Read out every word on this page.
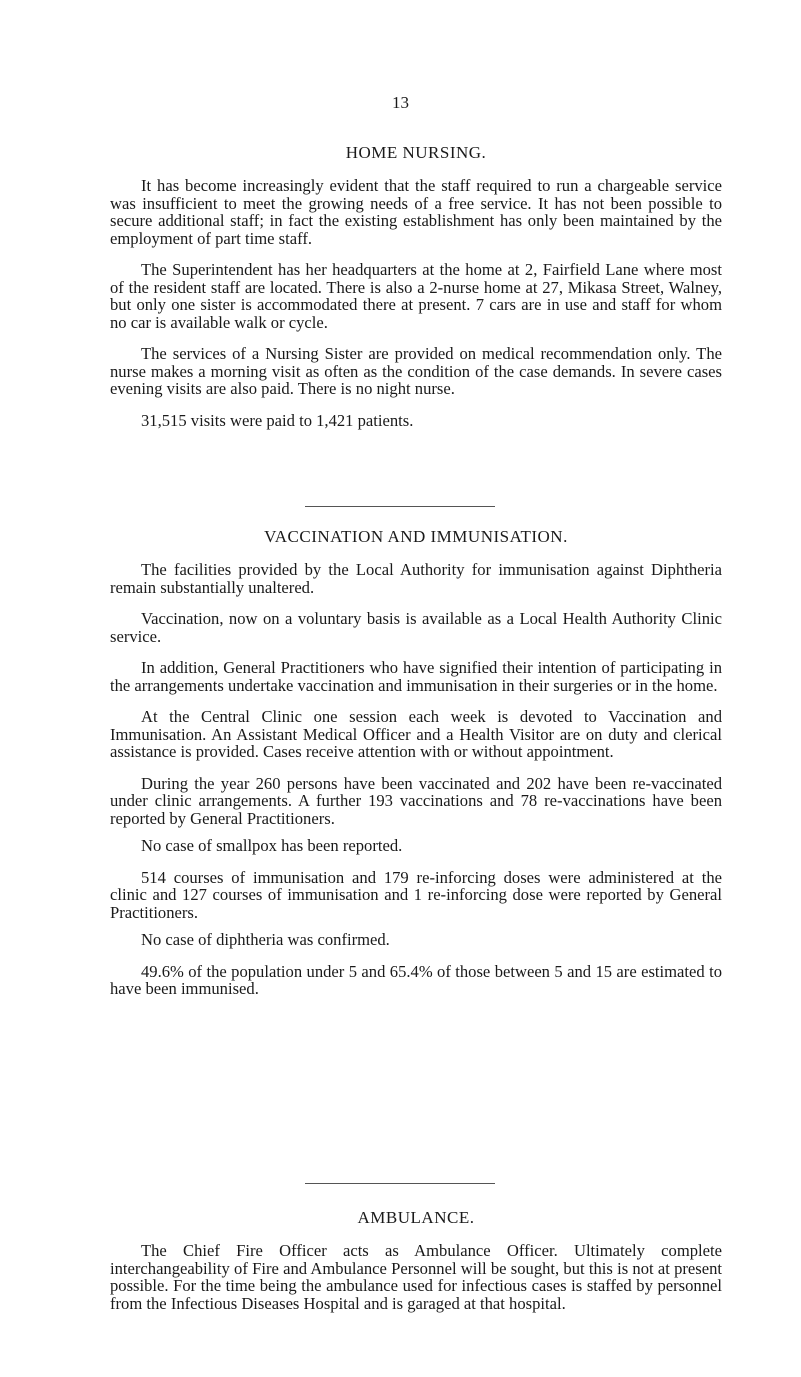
13
HOME NURSING.

It has become increasingly evident that the staff required to run a chargeable service was insufficient to meet the growing needs of a free service. It has not been possible to secure additional staff; in fact the existing establishment has only been maintained by the employment of part time staff.

The Superintendent has her headquarters at the home at 2, Fairfield Lane where most of the resident staff are located. There is also a 2-nurse home at 27, Mikasa Street, Walney, but only one sister is accommodated there at present. 7 cars are in use and staff for whom no car is available walk or cycle.

The services of a Nursing Sister are provided on medical recommendation only. The nurse makes a morning visit as often as the condition of the case demands. In severe cases evening visits are also paid. There is no night nurse.

31,515 visits were paid to 1,421 patients.

VACCINATION AND IMMUNISATION.

The facilities provided by the Local Authority for immunisation against Diphtheria remain substantially unaltered.

Vaccination, now on a voluntary basis is available as a Local Health Authority Clinic service.

In addition, General Practitioners who have signified their intention of participating in the arrangements undertake vaccination and immunisation in their surgeries or in the home.

At the Central Clinic one session each week is devoted to Vaccination and Immunisation. An Assistant Medical Officer and a Health Visitor are on duty and clerical assistance is provided. Cases receive attention with or without appointment.

During the year 260 persons have been vaccinated and 202 have been re-vaccinated under clinic arrangements. A further 193 vaccinations and 78 re-vaccinations have been reported by General Practitioners.

No case of smallpox has been reported.

514 courses of immunisation and 179 re-inforcing doses were administered at the clinic and 127 courses of immunisation and 1 re-inforcing dose were reported by General Practitioners.

No case of diphtheria was confirmed.

49.6% of the population under 5 and 65.4% of those between 5 and 15 are estimated to have been immunised.

AMBULANCE.

The Chief Fire Officer acts as Ambulance Officer. Ultimately complete interchangeability of Fire and Ambulance Personnel will be sought, but this is not at present possible. For the time being the ambulance used for infectious cases is staffed by personnel from the Infectious Diseases Hospital and is garaged at that hospital.
